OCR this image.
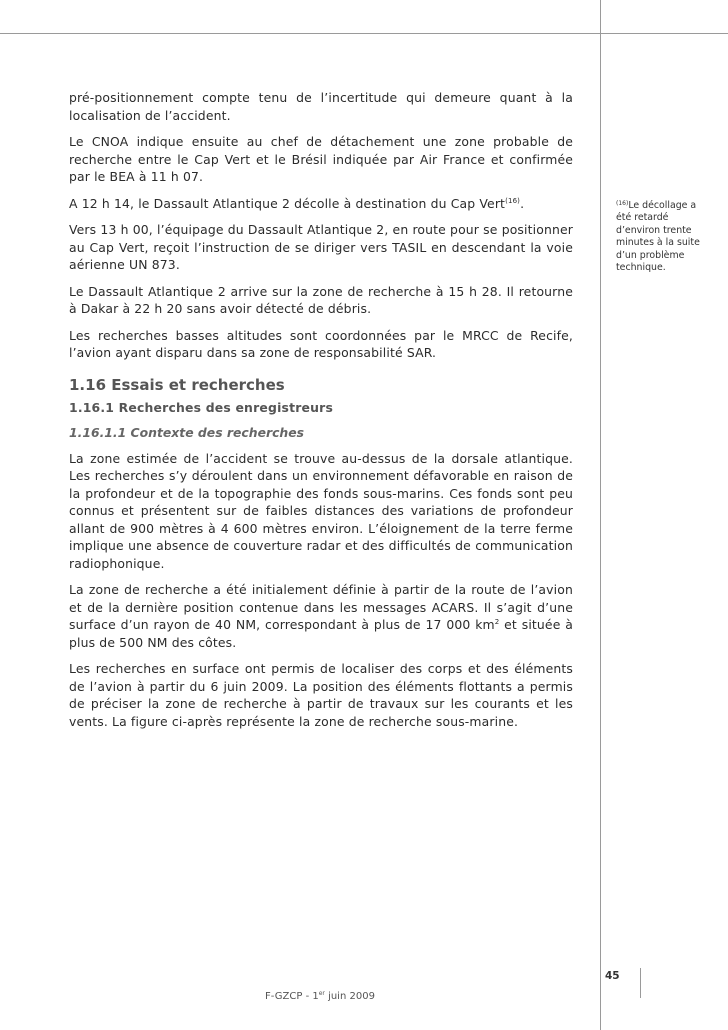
pré-positionnement compte tenu de l’incertitude qui demeure quant à la localisation de l’accident.

Le CNOA indique ensuite au chef de détachement une zone probable de recherche entre le Cap Vert et le Brésil indiquée par Air France et confirmée par le BEA à 11 h 07.

A 12 h 14, le Dassault Atlantique 2 décolle à destination du Cap Vert$^{(16)}$.

Vers 13 h 00, l’équipage du Dassault Atlantique 2, en route pour se positionner au Cap Vert, reçoit l’instruction de se diriger vers TASIL en descendant la voie aérienne UN 873.

Le Dassault Atlantique 2 arrive sur la zone de recherche à 15 h 28. Il retourne à Dakar à 22 h 20 sans avoir détecté de débris.

Les recherches basses altitudes sont coordonnées par le MRCC de Recife, l’avion ayant disparu dans sa zone de responsabilité SAR.

1.16 Essais et recherches
1.16.1 Recherches des enregistreurs
1.16.1.1 Contexte des recherches

La zone estimée de l’accident se trouve au-dessus de la dorsale atlantique. Les recherches s’y déroulent dans un environnement défavorable en raison de la profondeur et de la topographie des fonds sous-marins. Ces fonds sont peu connus et présentent sur de faibles distances des variations de profondeur allant de 900 mètres à 4 600 mètres environ. L’éloignement de la terre ferme implique une absence de couverture radar et des difficultés de communication radiophonique.

La zone de recherche a été initialement définie à partir de la route de l’avion et de la dernière position contenue dans les messages ACARS. Il s’agit d’une surface d’un rayon de 40 NM, correspondant à plus de 17 000 $km^2$ et située à plus de 500 NM des côtes.

Les recherches en surface ont permis de localiser des corps et des éléments de l’avion à partir du 6 juin 2009. La position des éléments flottants a permis de préciser la zone de recherche à partir de travaux sur les courants et les vents. La figure ci-après représente la zone de recherche sous-marine.

$^{(16)}$Le décollage a été retardé d’environ trente minutes à la suite d’un problème technique.
45
F-GZCP - 1er juin 2009
